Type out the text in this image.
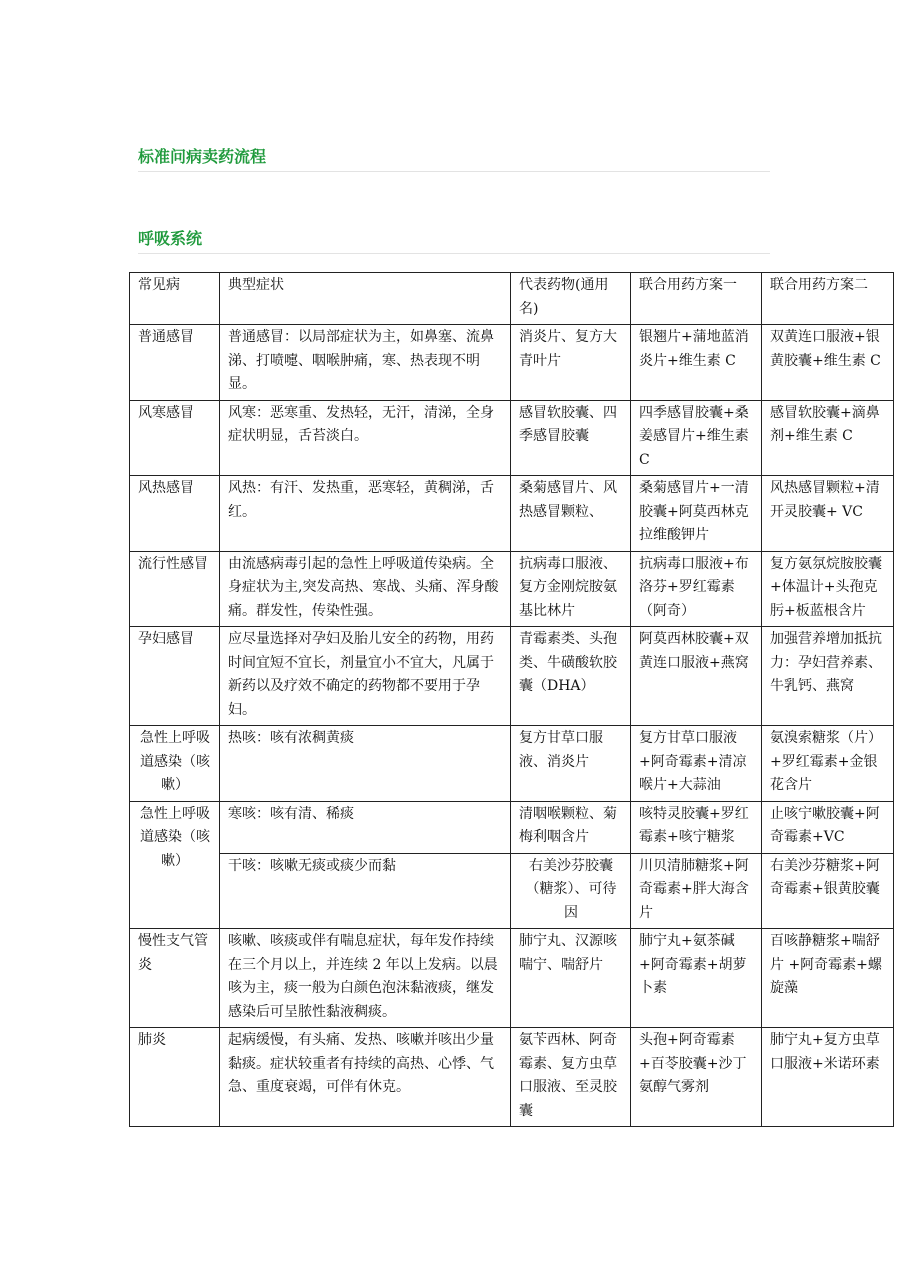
标准问病卖药流程
呼吸系统
常见病	典型症状	代表药物(通用名)	联合用药方案一	联合用药方案二
普通感冒	普通感冒：以局部症状为主，如鼻塞、流鼻涕、打喷嚏、咽喉肿痛，寒、热表现不明显。	消炎片、复方大青叶片	银翘片+蒲地蓝消炎片+维生素 C	双黄连口服液+银黄胶囊+维生素 C
风寒感冒	风寒：恶寒重、发热轻，无汗，清涕，全身症状明显，舌苔淡白。	感冒软胶囊、四季感冒胶囊	四季感冒胶囊+桑姜感冒片+维生素 C	感冒软胶囊+滴鼻剂+维生素 C
风热感冒	风热：有汗、发热重，恶寒轻，黄稠涕，舌红。	桑菊感冒片、风热感冒颗粒、	桑菊感冒片+一清胶囊+阿莫西林克拉维酸钾片	风热感冒颗粒+清开灵胶囊+ VC
流行性感冒	由流感病毒引起的急性上呼吸道传染病。全身症状为主,突发高热、寒战、头痛、浑身酸痛。群发性，传染性强。	抗病毒口服液、复方金刚烷胺氨基比林片	抗病毒口服液+布洛芬+罗红霉素（阿奇）	复方氨氛烷胺胶囊+体温计+头孢克肟+板蓝根含片
孕妇感冒	应尽量选择对孕妇及胎儿安全的药物，用药时间宜短不宜长，剂量宜小不宜大，凡属于新药以及疗效不确定的药物都不要用于孕妇。	青霉素类、头孢类、牛磺酸软胶囊（DHA）	阿莫西林胶囊+双黄连口服液+燕窝	加强营养增加抵抗力：孕妇营养素、牛乳钙、燕窝
急性上呼吸道感染（咳嗽）	热咳：咳有浓稠黄痰	复方甘草口服液、消炎片	复方甘草口服液+阿奇霉素+清凉喉片+大蒜油	氨溴索糖浆（片）+罗红霉素+金银花含片
急性上呼吸道感染（咳嗽）	寒咳：咳有清、稀痰	清咽喉颗粒、菊梅利咽含片	咳特灵胶囊+罗红霉素+咳宁糖浆	止咳宁嗽胶囊+阿奇霉素+VC
	干咳：咳嗽无痰或痰少而黏	右美沙芬胶囊（糖浆）、可待因	川贝清肺糖浆+阿奇霉素+胖大海含片	右美沙芬糖浆+阿奇霉素+银黄胶囊
慢性支气管炎	咳嗽、咳痰或伴有喘息症状，每年发作持续在三个月以上，并连续 2 年以上发病。以晨咳为主，痰一般为白颜色泡沫黏液痰，继发感染后可呈脓性黏液稠痰。	肺宁丸、汉源咳喘宁、喘舒片	肺宁丸+氨茶碱+阿奇霉素+胡萝卜素	百咳静糖浆+喘舒片 +阿奇霉素+螺旋藻
肺炎	起病缓慢，有头痛、发热、咳嗽并咳出少量黏痰。症状较重者有持续的高热、心悸、气急、重度衰竭，可伴有休克。	氨苄西林、阿奇霉素、复方虫草口服液、至灵胶囊	头孢+阿奇霉素+百苓胶囊+沙丁氨醇气雾剂	肺宁丸+复方虫草口服液+米诺环素
